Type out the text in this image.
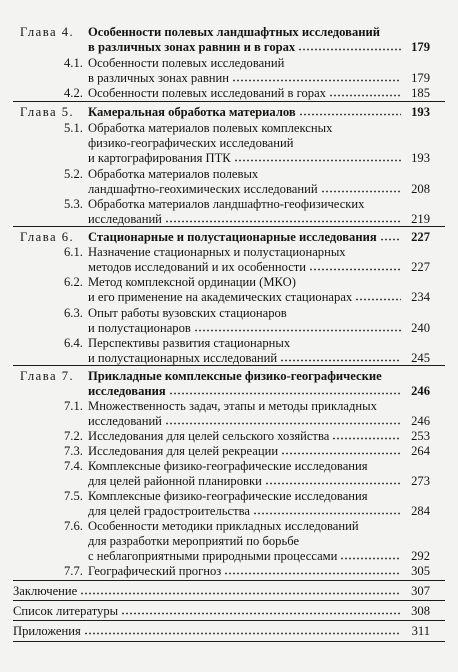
Глава 4. Особенности полевых ландшафтных исследований
в различных зонах равнин и в горах	179
4.1. Особенности полевых исследований
в различных зонах равнин	179
4.2. Особенности полевых исследований в горах	185
Глава 5. Камеральная обработка материалов	193
5.1. Обработка материалов полевых комплексных
физико-географических исследований
и картографирования ПТК	193
5.2. Обработка материалов полевых
ландшафтно-геохимических исследований	208
5.3. Обработка материалов ландшафтно-геофизических
исследований	219
Глава 6. Стационарные и полустационарные исследования	227
6.1. Назначение стационарных и полустационарных
методов исследований и их особенности	227
6.2. Метод комплексной ординации (МКО)
и его применение на академических стационарах	234
6.3. Опыт работы вузовских стационаров
и полустационаров	240
6.4. Перспективы развития стационарных
и полустационарных исследований	245
Глава 7. Прикладные комплексные физико-географические
исследования	246
7.1. Множественность задач, этапы и методы прикладных
исследований	246
7.2. Исследования для целей сельского хозяйства	253
7.3. Исследования для целей рекреации	264
7.4. Комплексные физико-географические исследования
для целей районной планировки	273
7.5. Комплексные физико-географические исследования
для целей градостроительства	284
7.6. Особенности методики прикладных исследований
для разработки мероприятий по борьбе
с неблагоприятными природными процессами	292
7.7. Географический прогноз	305
Заключение	307
Список литературы	308
Приложения	311
